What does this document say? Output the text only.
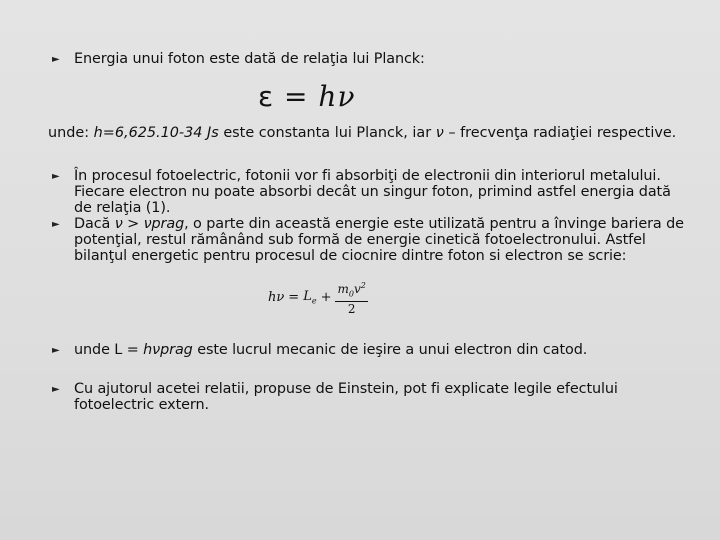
► Energia unui foton este dată de relaţia lui Planck:
ε = hν
unde: h=6,625.10-34 Js este constanta lui Planck, iar ν – frecvenţa radiaţiei respective.
► În procesul fotoelectric, fotonii vor fi absorbiţi de electronii din interiorul metalului. Fiecare electron nu poate absorbi decât un singur foton, primind astfel energia dată de relaţia (1).
► Dacă ν > νprag, o parte din această energie este utilizată pentru a învinge bariera de potenţial, restul rămânând sub formă de energie cinetică fotoelectronului. Astfel bilanţul energetic pentru procesul de ciocnire dintre foton si electron se scrie:
$h\nu = L_e + \frac{m_0v^2}{2}$
► unde L = hνprag este lucrul mecanic de ieşire a unui electron din catod.
► Cu ajutorul acetei relatii, propuse de Einstein, pot fi explicate legile efectului fotoelectric extern.
